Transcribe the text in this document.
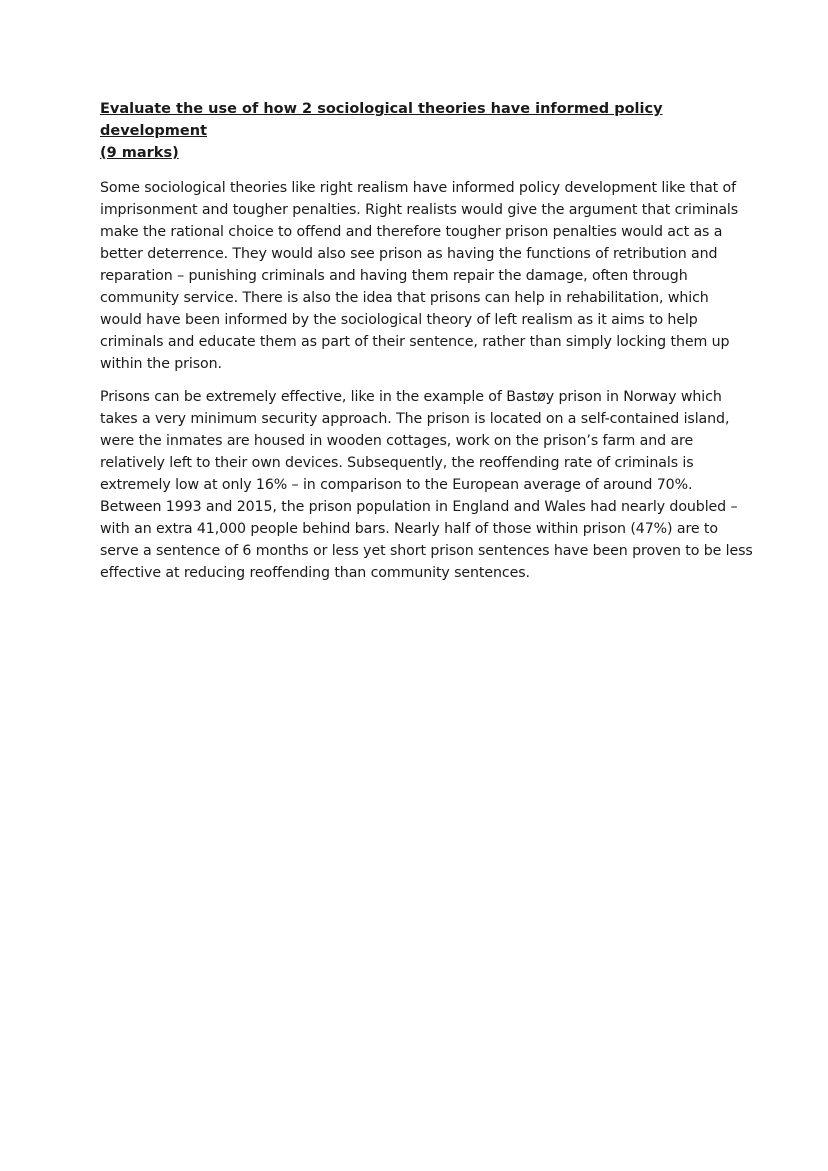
Evaluate the use of how 2 sociological theories have informed policy development
(9 marks)

Some sociological theories like right realism have informed policy development like that of
imprisonment and tougher penalties. Right realists would give the argument that criminals
make the rational choice to offend and therefore tougher prison penalties would act as a
better deterrence. They would also see prison as having the functions of retribution and
reparation – punishing criminals and having them repair the damage, often through
community service. There is also the idea that prisons can help in rehabilitation, which
would have been informed by the sociological theory of left realism as it aims to help
criminals and educate them as part of their sentence, rather than simply locking them up
within the prison.

Prisons can be extremely effective, like in the example of Bastøy prison in Norway which
takes a very minimum security approach. The prison is located on a self-contained island,
were the inmates are housed in wooden cottages, work on the prison’s farm and are
relatively left to their own devices. Subsequently, the reoffending rate of criminals is
extremely low at only 16% – in comparison to the European average of around 70%.
Between 1993 and 2015, the prison population in England and Wales had nearly doubled –
with an extra 41,000 people behind bars. Nearly half of those within prison (47%) are to
serve a sentence of 6 months or less yet short prison sentences have been proven to be less
effective at reducing reoffending than community sentences.
